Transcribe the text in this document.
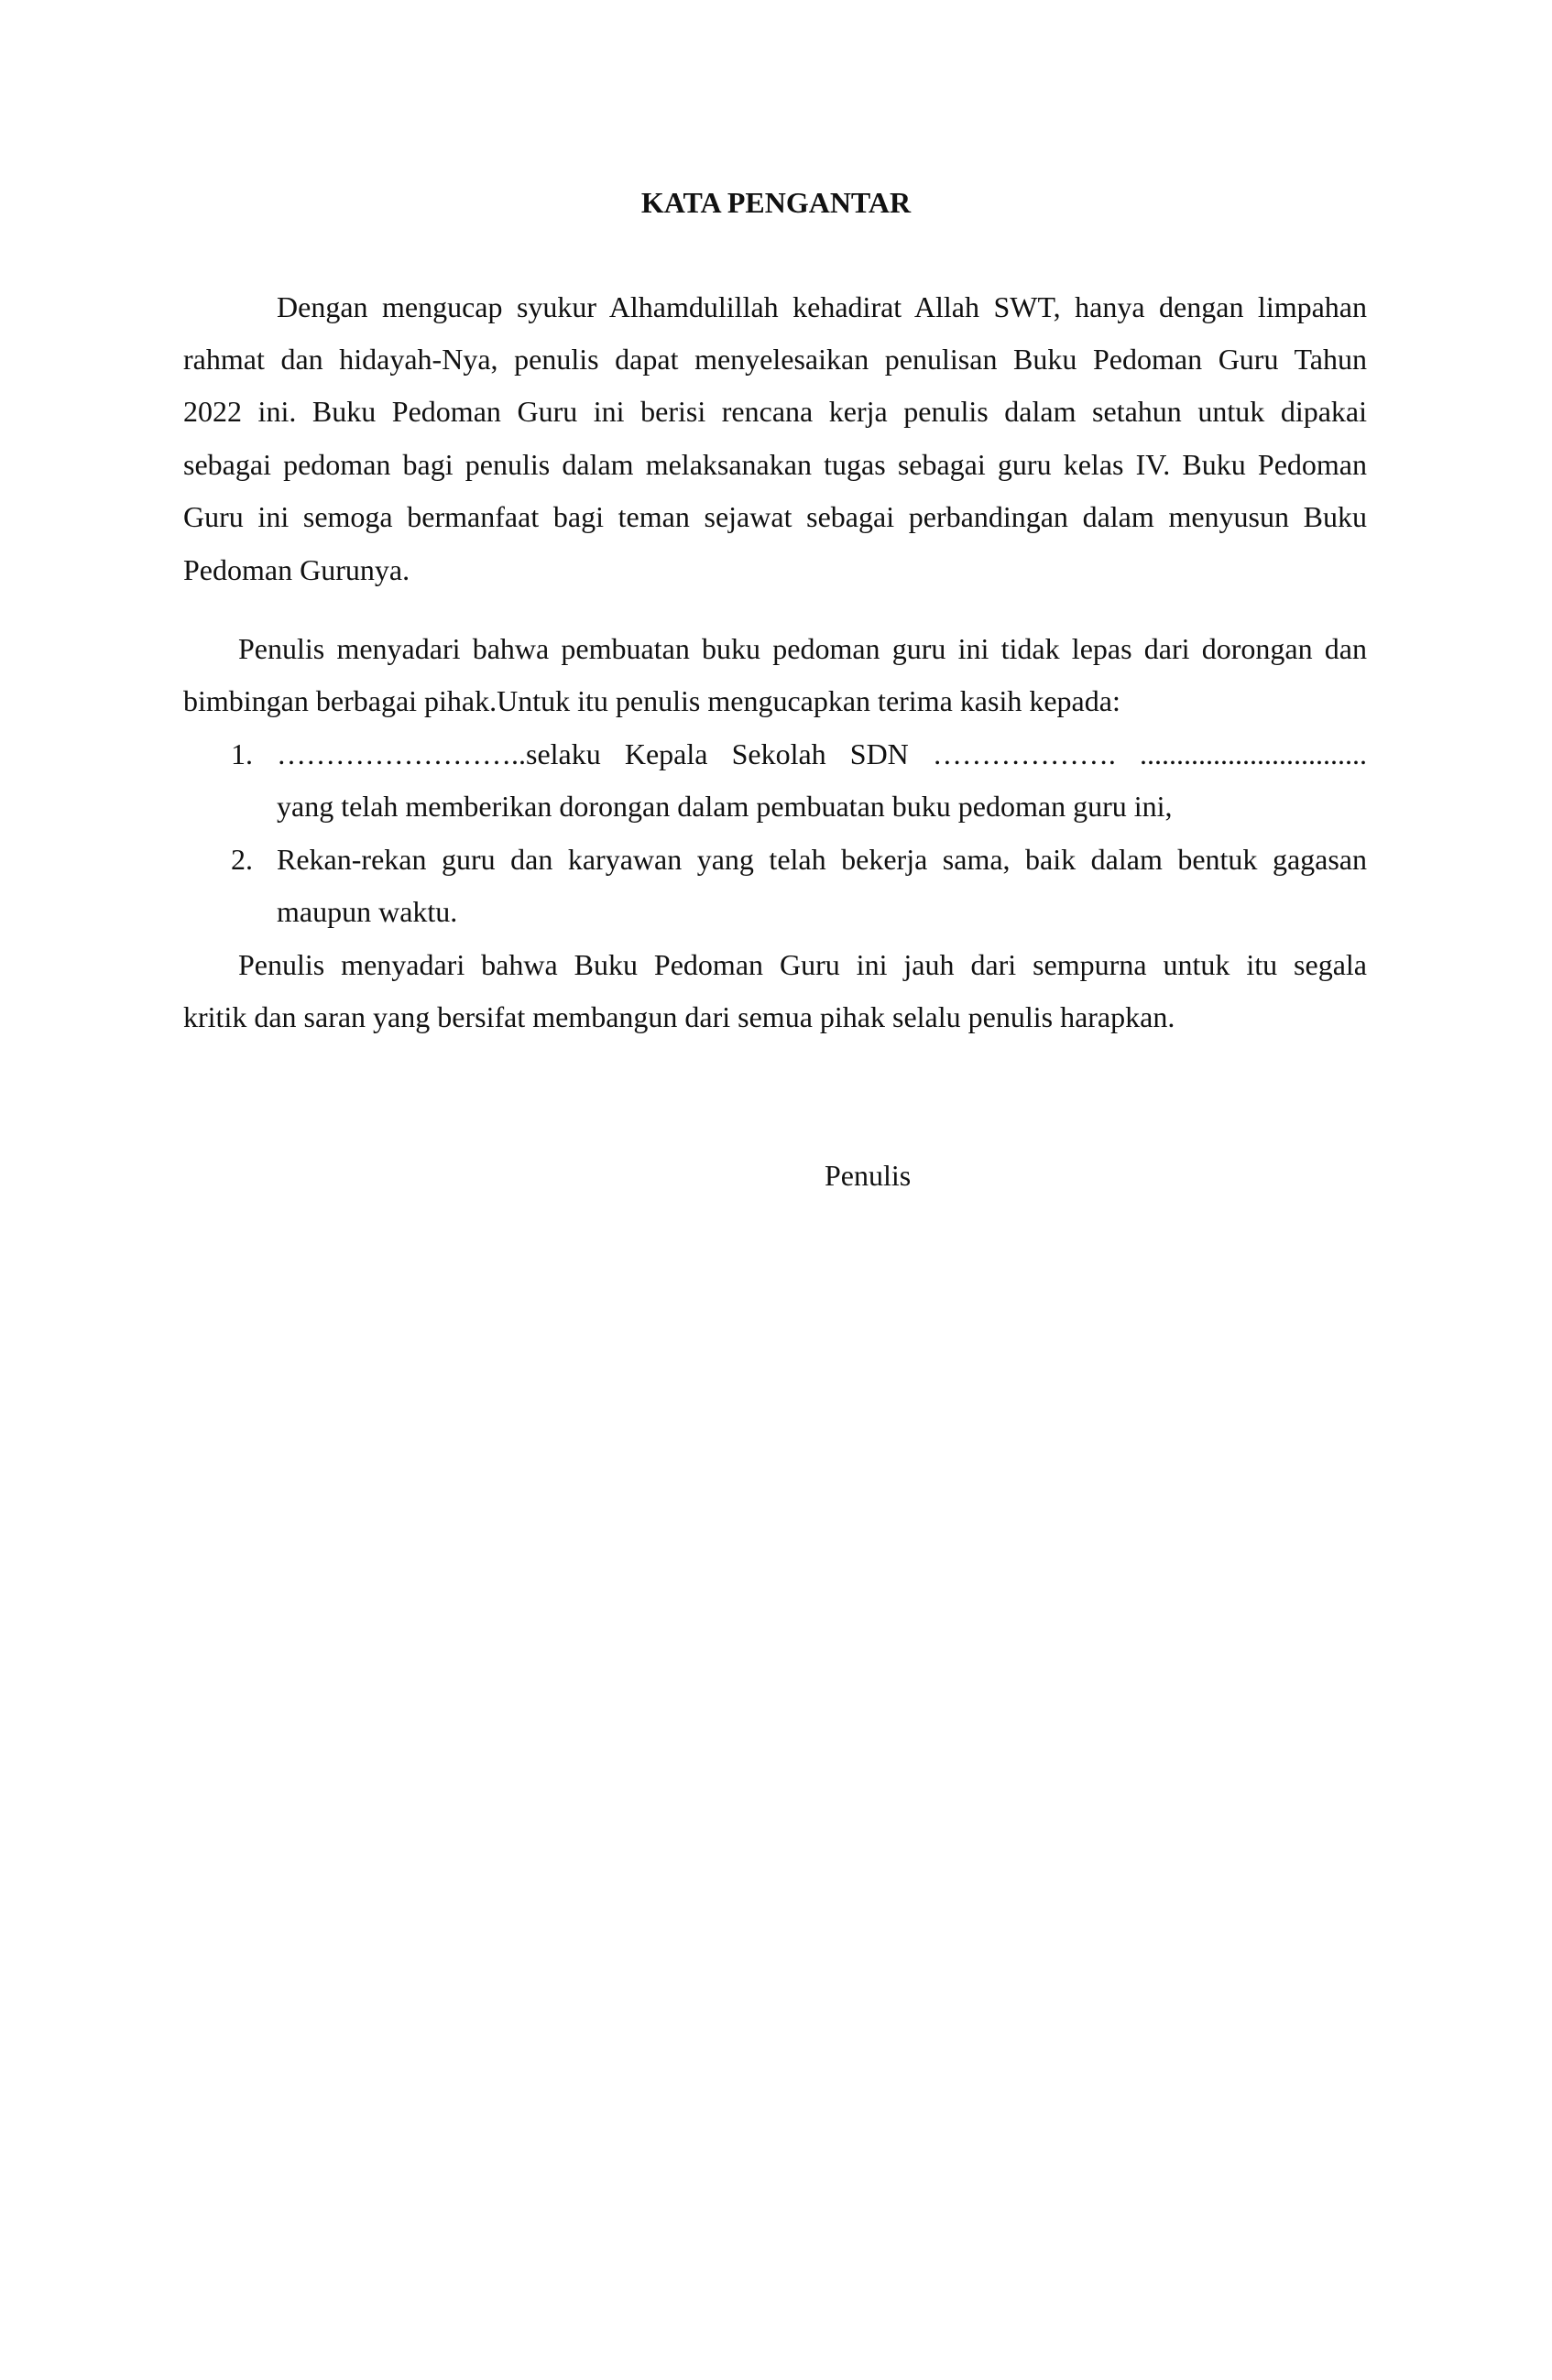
KATA PENGANTAR
Dengan mengucap syukur Alhamdulillah kehadirat Allah SWT, hanya dengan limpahan
rahmat dan hidayah-Nya, penulis dapat menyelesaikan penulisan Buku Pedoman Guru Tahun
2022 ini. Buku Pedoman Guru ini berisi rencana kerja penulis dalam setahun untuk dipakai
sebagai pedoman bagi penulis dalam melaksanakan tugas sebagai guru kelas IV. Buku Pedoman
Guru ini semoga bermanfaat bagi teman sejawat sebagai perbandingan dalam menyusun Buku
Pedoman Gurunya.
Penulis menyadari bahwa pembuatan buku pedoman guru ini tidak lepas dari dorongan dan
bimbingan berbagai pihak.Untuk itu penulis mengucapkan terima kasih kepada:
1. ……………………..selaku Kepala Sekolah SDN ………………. ...............................
yang telah memberikan dorongan dalam pembuatan buku pedoman guru ini,
2. Rekan-rekan guru dan karyawan yang telah bekerja sama, baik dalam bentuk gagasan
maupun waktu.
Penulis menyadari bahwa Buku Pedoman Guru ini jauh dari sempurna untuk itu segala
kritik dan saran yang bersifat membangun dari semua pihak selalu penulis harapkan.
Penulis
